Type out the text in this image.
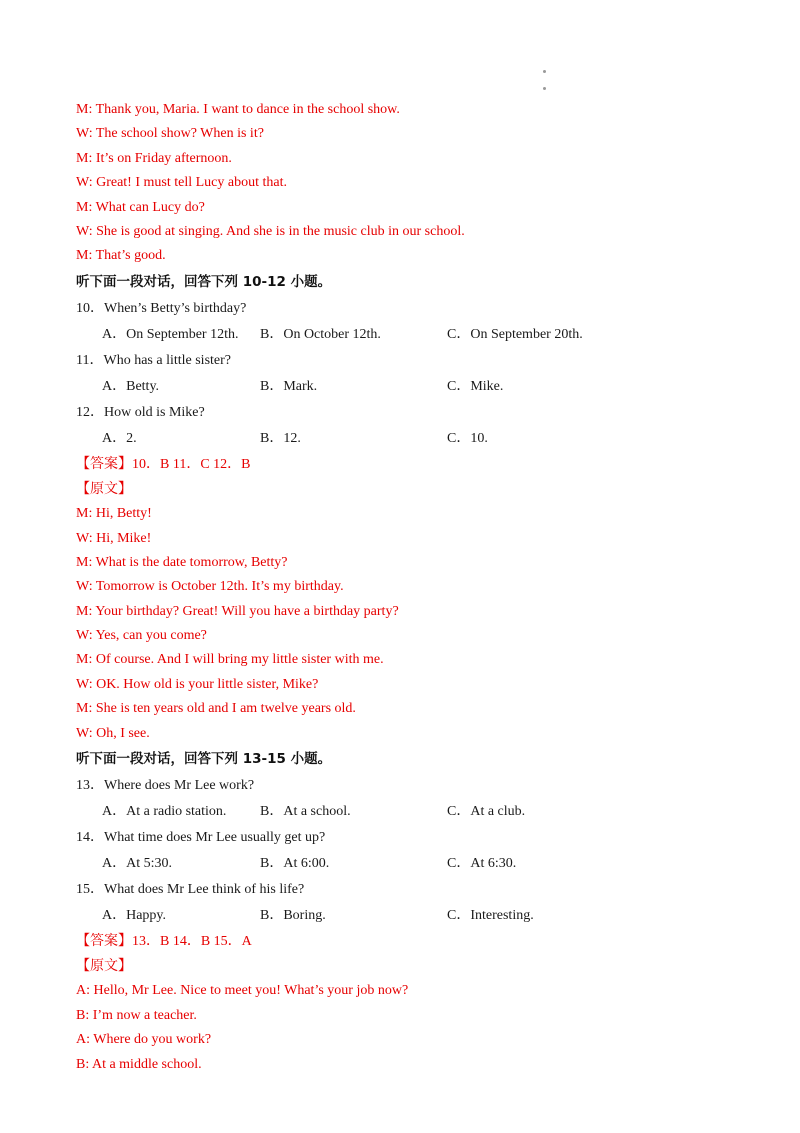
M: Thank you, Maria. I want to dance in the school show.
W: The school show? When is it?
M: It’s on Friday afternoon.
W: Great! I must tell Lucy about that.
M: What can Lucy do?
W: She is good at singing. And she is in the music club in our school.
M: That’s good.
听下面一段对话，回答下列 10-12 小题。
10．When’s Betty’s birthday?
A．On September 12th. B．On October 12th.	C．On September 20th.
11．Who has a little sister?
A．Betty.	B．Mark.	C．Mike.
12．How old is Mike?
A．2.	B．12.	C．10.
【答案】10．B 11．C 12．B
【原文】
M: Hi, Betty!
W: Hi, Mike!
M: What is the date tomorrow, Betty?
W: Tomorrow is October 12th. It’s my birthday.
M: Your birthday? Great! Will you have a birthday party?
W: Yes, can you come?
M: Of course. And I will bring my little sister with me.
W: OK. How old is your little sister, Mike?
M: She is ten years old and I am twelve years old.
W: Oh, I see.
听下面一段对话，回答下列 13-15 小题。
13．Where does Mr Lee work?
A．At a radio station. B．At a school.	C．At a club.
14．What time does Mr Lee usually get up?
A．At 5:30.	B．At 6:00.	C．At 6:30.
15．What does Mr Lee think of his life?
A．Happy.	B．Boring.	C．Interesting.
【答案】13．B 14．B 15．A
【原文】
A: Hello, Mr Lee. Nice to meet you! What’s your job now?
B: I’m now a teacher.
A: Where do you work?
B: At a middle school.
